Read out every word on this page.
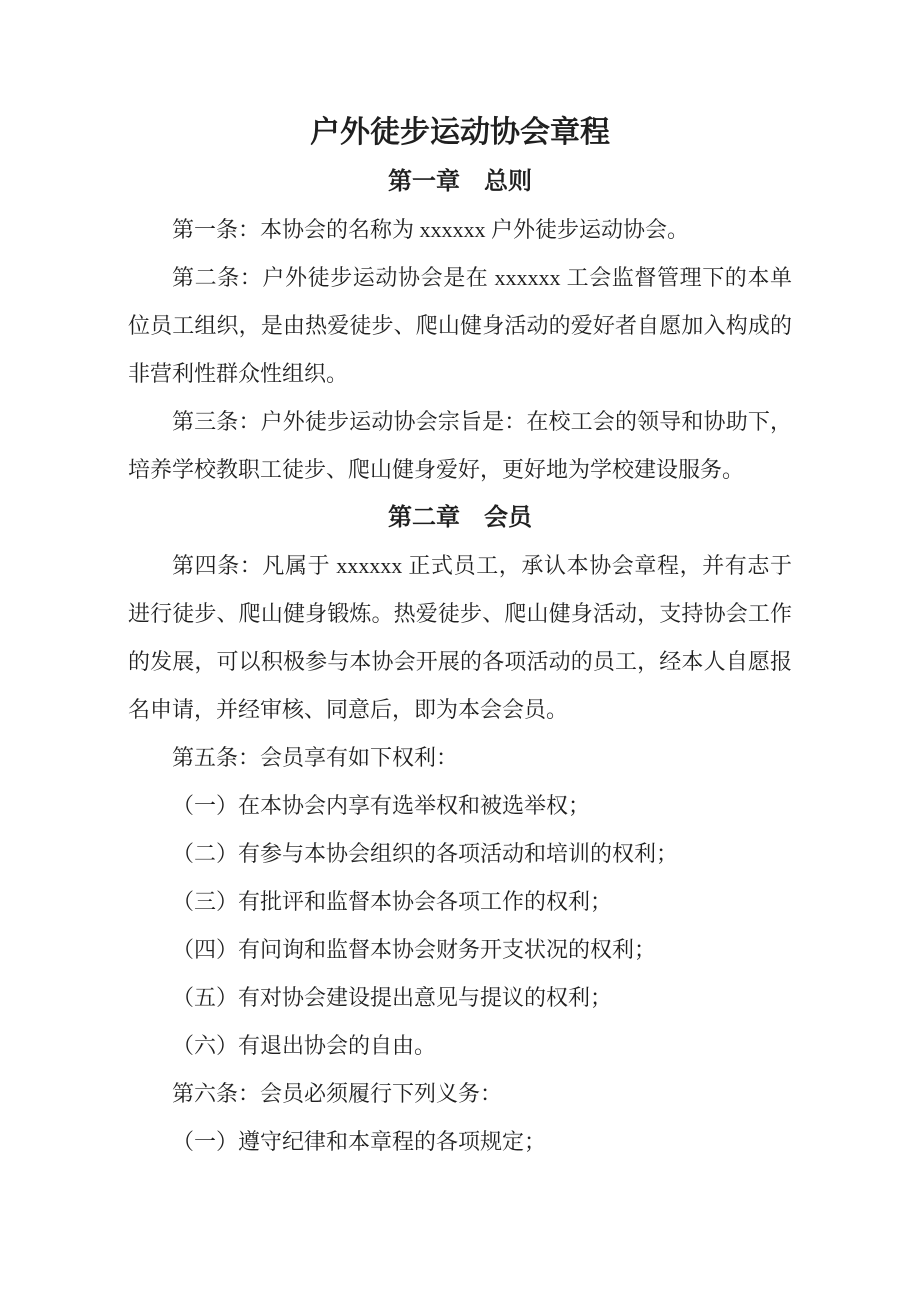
户外徒步运动协会章程
第一章　总则

第一条：本协会的名称为 xxxxxx 户外徒步运动协会。

第二条：户外徒步运动协会是在 xxxxxx 工会监督管理下的本单位员工组织，是由热爱徒步、爬山健身活动的爱好者自愿加入构成的非营利性群众性组织。

第三条：户外徒步运动协会宗旨是：在校工会的领导和协助下，培养学校教职工徒步、爬山健身爱好，更好地为学校建设服务。

第二章　会员

第四条：凡属于 xxxxxx 正式员工，承认本协会章程，并有志于进行徒步、爬山健身锻炼。热爱徒步、爬山健身活动，支持协会工作的发展，可以积极参与本协会开展的各项活动的员工，经本人自愿报名申请，并经审核、同意后，即为本会会员。

第五条：会员享有如下权利：

（一）在本协会内享有选举权和被选举权；

（二）有参与本协会组织的各项活动和培训的权利；

（三）有批评和监督本协会各项工作的权利；

（四）有问询和监督本协会财务开支状况的权利；

（五）有对协会建设提出意见与提议的权利；

（六）有退出协会的自由。

第六条：会员必须履行下列义务：

（一）遵守纪律和本章程的各项规定；
